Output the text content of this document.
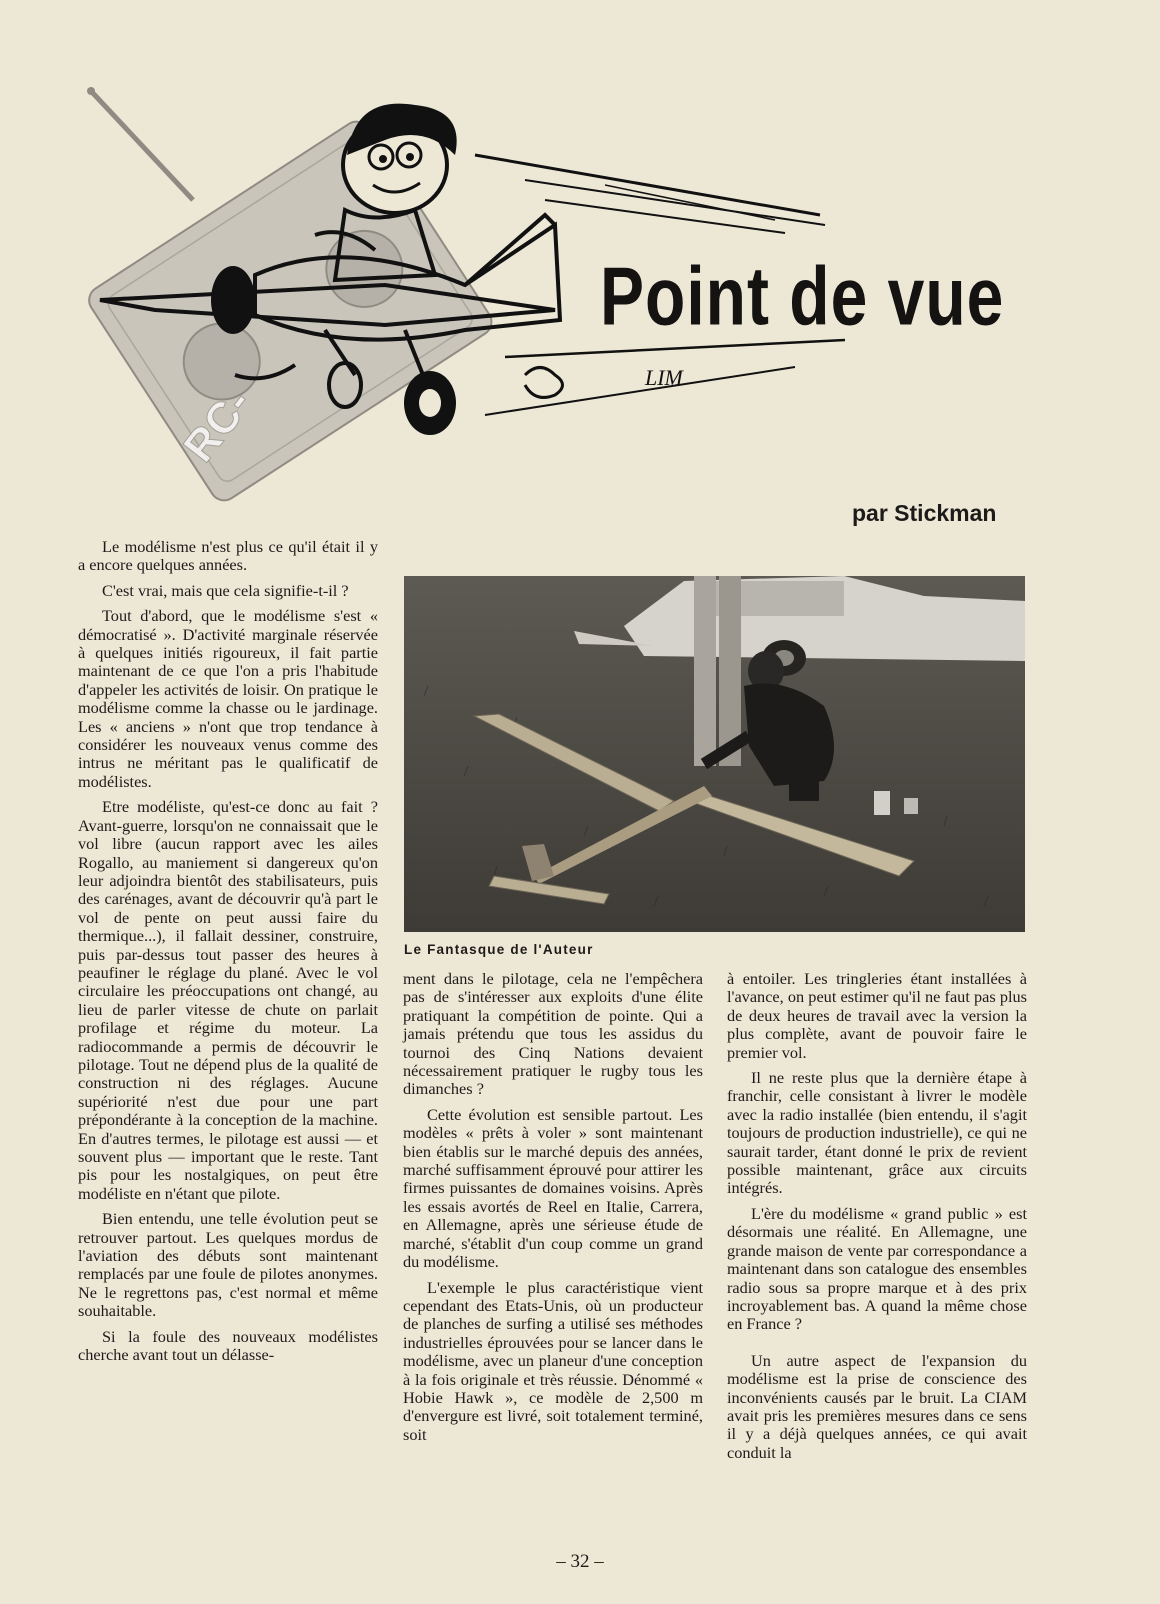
RC-
LIM
Point de vue
par Stickman

Le modélisme n'est plus ce qu'il était il y a encore quelques années.

C'est vrai, mais que cela signifie-t-il ?

Tout d'abord, que le modélisme s'est « démocratisé ». D'activité marginale réservée à quelques initiés rigoureux, il fait partie maintenant de ce que l'on a pris l'habitude d'appeler les activités de loisir. On pratique le modélisme comme la chasse ou le jardinage. Les « anciens » n'ont que trop tendance à considérer les nouveaux venus comme des intrus ne méritant pas le qualificatif de modélistes.

Etre modéliste, qu'est-ce donc au fait ? Avant-guerre, lorsqu'on ne connaissait que le vol libre (aucun rapport avec les ailes Rogallo, au maniement si dangereux qu'on leur adjoindra bientôt des stabilisateurs, puis des carénages, avant de découvrir qu'à part le vol de pente on peut aussi faire du thermique...), il fallait dessiner, construire, puis par-dessus tout passer des heures à peaufiner le réglage du plané. Avec le vol circulaire les préoccupations ont changé, au lieu de parler vitesse de chute on parlait profilage et régime du moteur. La radiocommande a permis de découvrir le pilotage. Tout ne dépend plus de la qualité de construction ni des réglages. Aucune supériorité n'est due pour une part prépondérante à la conception de la machine. En d'autres termes, le pilotage est aussi — et souvent plus — important que le reste. Tant pis pour les nostalgiques, on peut être modéliste en n'étant que pilote.

Bien entendu, une telle évolution peut se retrouver partout. Les quelques mordus de l'aviation des débuts sont maintenant remplacés par une foule de pilotes anonymes. Ne le regrettons pas, c'est normal et même souhaitable.

Si la foule des nouveaux modélistes cherche avant tout un délasse-

Le Fantasque de l'Auteur

ment dans le pilotage, cela ne l'empêchera pas de s'intéresser aux exploits d'une élite pratiquant la compétition de pointe. Qui a jamais prétendu que tous les assidus du tournoi des Cinq Nations devaient nécessairement pratiquer le rugby tous les dimanches ?

Cette évolution est sensible partout. Les modèles « prêts à voler » sont maintenant bien établis sur le marché depuis des années, marché suffisamment éprouvé pour attirer les firmes puissantes de domaines voisins. Après les essais avortés de Reel en Italie, Carrera, en Allemagne, après une sérieuse étude de marché, s'établit d'un coup comme un grand du modélisme.

L'exemple le plus caractéristique vient cependant des Etats-Unis, où un producteur de planches de surfing a utilisé ses méthodes industrielles éprouvées pour se lancer dans le modélisme, avec un planeur d'une conception à la fois originale et très réussie. Dénommé « Hobie Hawk », ce modèle de 2,500 m d'envergure est livré, soit totalement terminé, soit

à entoiler. Les tringleries étant installées à l'avance, on peut estimer qu'il ne faut pas plus de deux heures de travail avec la version la plus complète, avant de pouvoir faire le premier vol.

Il ne reste plus que la dernière étape à franchir, celle consistant à livrer le modèle avec la radio installée (bien entendu, il s'agit toujours de production industrielle), ce qui ne saurait tarder, étant donné le prix de revient possible maintenant, grâce aux circuits intégrés.

L'ère du modélisme « grand public » est désormais une réalité. En Allemagne, une grande maison de vente par correspondance a maintenant dans son catalogue des ensembles radio sous sa propre marque et à des prix incroyablement bas. A quand la même chose en France ?

Un autre aspect de l'expansion du modélisme est la prise de conscience des inconvénients causés par le bruit. La CIAM avait pris les premières mesures dans ce sens il y a déjà quelques années, ce qui avait conduit la

– 32 –
